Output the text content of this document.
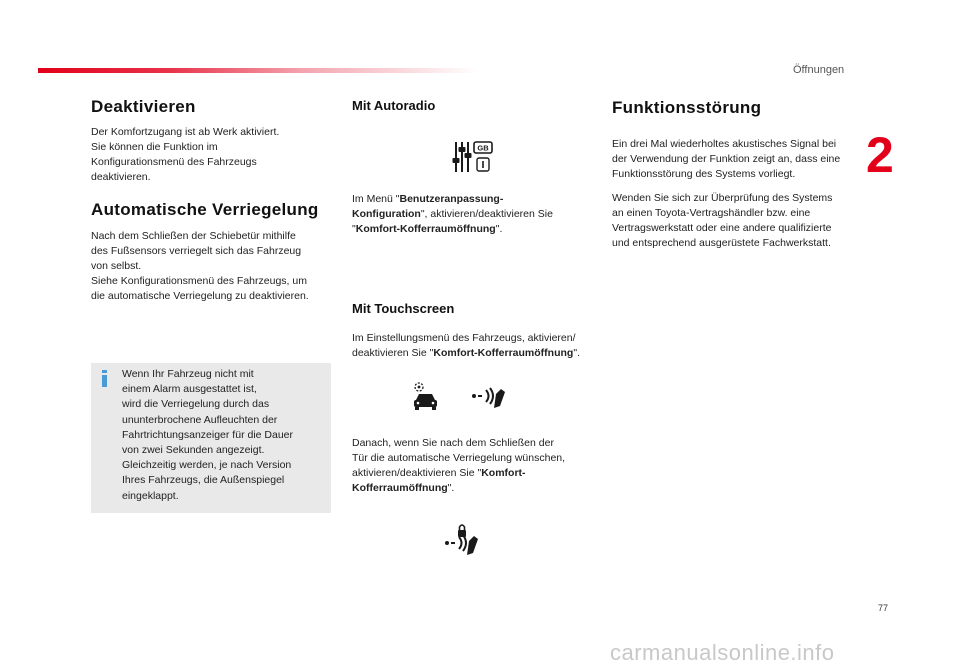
Öffnungen
2
77
carmanualsonline.info
Deaktivieren

Der Komfortzugang ist ab Werk aktiviert.
Sie können die Funktion im
Konfigurationsmenü des Fahrzeugs
deaktivieren.

Automatische Verriegelung

Nach dem Schließen der Schiebetür mithilfe
des Fußsensors verriegelt sich das Fahrzeug
von selbst.
Siehe Konfigurationsmenü des Fahrzeugs, um
die automatische Verriegelung zu deaktivieren.

Wenn Ihr Fahrzeug nicht mit
einem Alarm ausgestattet ist,
wird die Verriegelung durch das
ununterbrochene Aufleuchten der
Fahrtrichtungsanzeiger für die Dauer
von zwei Sekunden angezeigt.
Gleichzeitig werden, je nach Version
Ihres Fahrzeugs, die Außenspiegel
eingeklappt.

Mit Autoradio
GB

Im Menü "Benutzeranpassung-
Konfiguration", aktivieren/deaktivieren Sie
"Komfort-Kofferraumöffnung".

Mit Touchscreen

Im Einstellungsmenü des Fahrzeugs, aktivieren/
deaktivieren Sie "Komfort-Kofferraumöffnung".

Danach, wenn Sie nach dem Schließen der
Tür die automatische Verriegelung wünschen,
aktivieren/deaktivieren Sie "Komfort-
Kofferraumöffnung".

Funktionsstörung

Ein drei Mal wiederholtes akustisches Signal bei
der Verwendung der Funktion zeigt an, dass eine
Funktionsstörung des Systems vorliegt.

Wenden Sie sich zur Überprüfung des Systems
an einen Toyota-Vertragshändler bzw. eine
Vertragswerkstatt oder eine andere qualifizierte
und entsprechend ausgerüstete Fachwerkstatt.
